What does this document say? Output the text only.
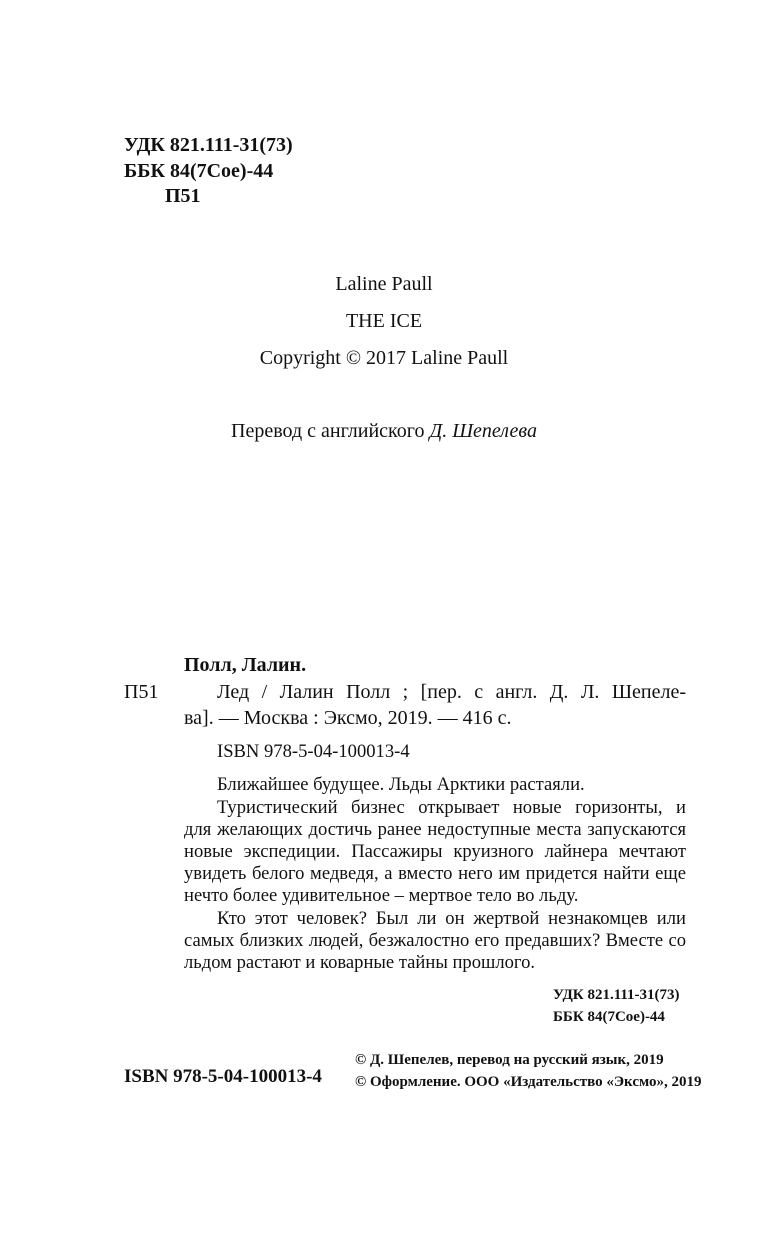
УДК 821.111-31(73)
ББК 84(7Сое)-44
П51
Laline Paull
THE ICE
Copyright © 2017 Laline Paull
Перевод с английского Д. Шепелева
Полл, Лалин.
П51	Лед / Лалин Полл ; [пер. с англ. Д. Л. Шепеле-
ва]. — Москва : Эксмо, 2019. — 416 с.
ISBN 978-5-04-100013-4
Ближайшее будущее. Льды Арктики растаяли.
Туристический бизнес открывает новые горизонты, и
для желающих достичь ранее недоступные места запускаются
новые экспедиции. Пассажиры круизного лайнера мечтают
увидеть белого медведя, а вместо него им придется найти еще
нечто более удивительное – мертвое тело во льду.
Кто этот человек? Был ли он жертвой незнакомцев или
самых близких людей, безжалостно его предавших? Вместе со
льдом растают и коварные тайны прошлого.
УДК 821.111-31(73)
ББК 84(7Сое)-44
ISBN 978-5-04-100013-4
© Д. Шепелев, перевод на русский язык, 2019
© Оформление. ООО «Издательство «Эксмо», 2019
